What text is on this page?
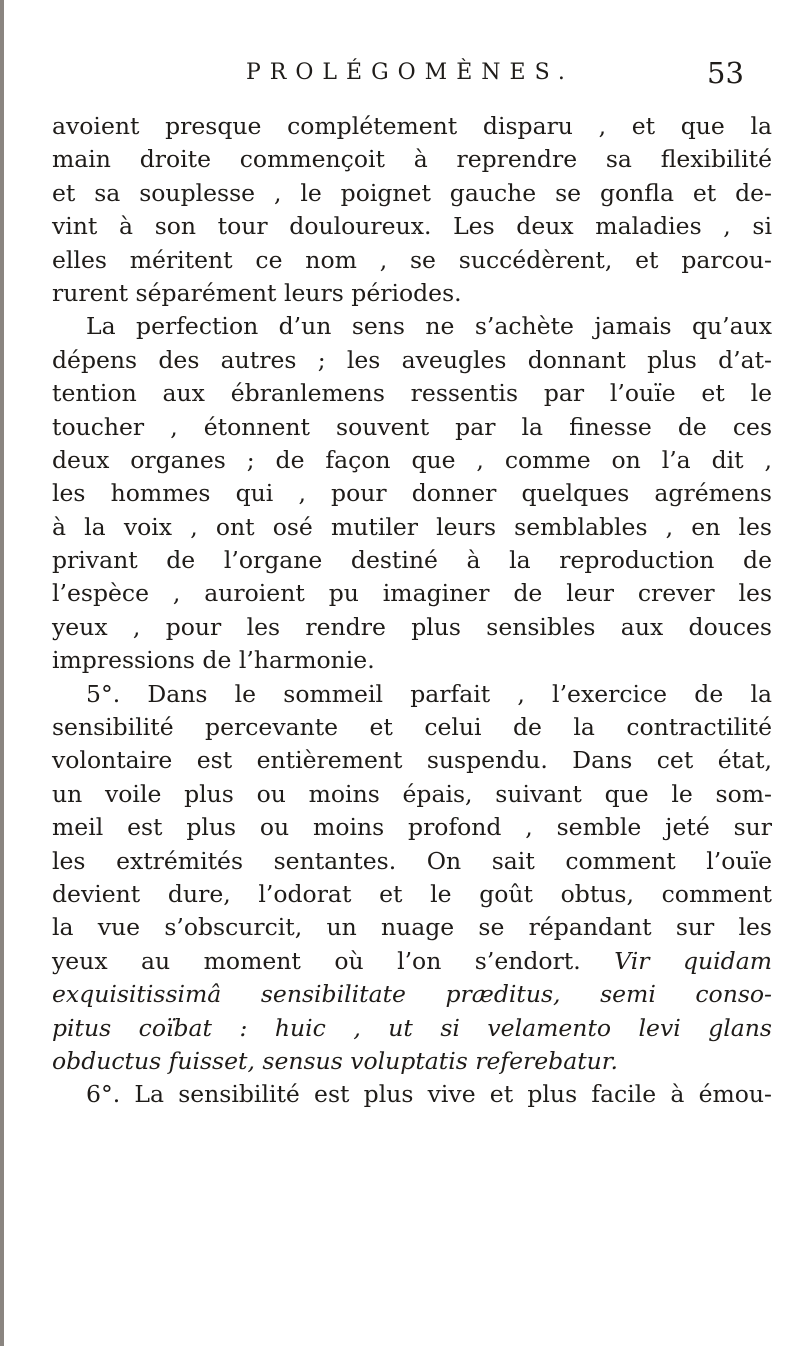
PROLÉGOMÈNES.	53
avoient presque complétement disparu , et que la
main droite commençoit à reprendre sa flexibilité
et sa souplesse , le poignet gauche se gonfla et de-
vint à son tour douloureux. Les deux maladies , si
elles méritent ce nom , se succédèrent, et parcou-
rurent séparément leurs périodes.
La perfection d’un sens ne s’achète jamais qu’aux
dépens des autres ; les aveugles donnant plus d’at-
tention aux ébranlemens ressentis par l’ouïe et le
toucher , étonnent souvent par la finesse de ces
deux organes ; de façon que , comme on l’a dit ,
les hommes qui , pour donner quelques agrémens
à la voix , ont osé mutiler leurs semblables , en les
privant de l’organe destiné à la reproduction de
l’espèce , auroient pu imaginer de leur crever les
yeux , pour les rendre plus sensibles aux douces
impressions de l’harmonie.
5°. Dans le sommeil parfait , l’exercice de la
sensibilité percevante et celui de la contractilité
volontaire est entièrement suspendu. Dans cet état,
un voile plus ou moins épais, suivant que le som-
meil est plus ou moins profond , semble jeté sur
les extrémités sentantes. On sait comment l’ouïe
devient dure, l’odorat et le goût obtus, comment
la vue s’obscurcit, un nuage se répandant sur les
yeux au moment où l’on s’endort. Vir quidam
exquisitissimâ sensibilitate præditus, semi conso-
pitus coïbat : huic , ut si velamento levi glans
obductus fuisset, sensus voluptatis referebatur.
6°. La sensibilité est plus vive et plus facile à émou-
